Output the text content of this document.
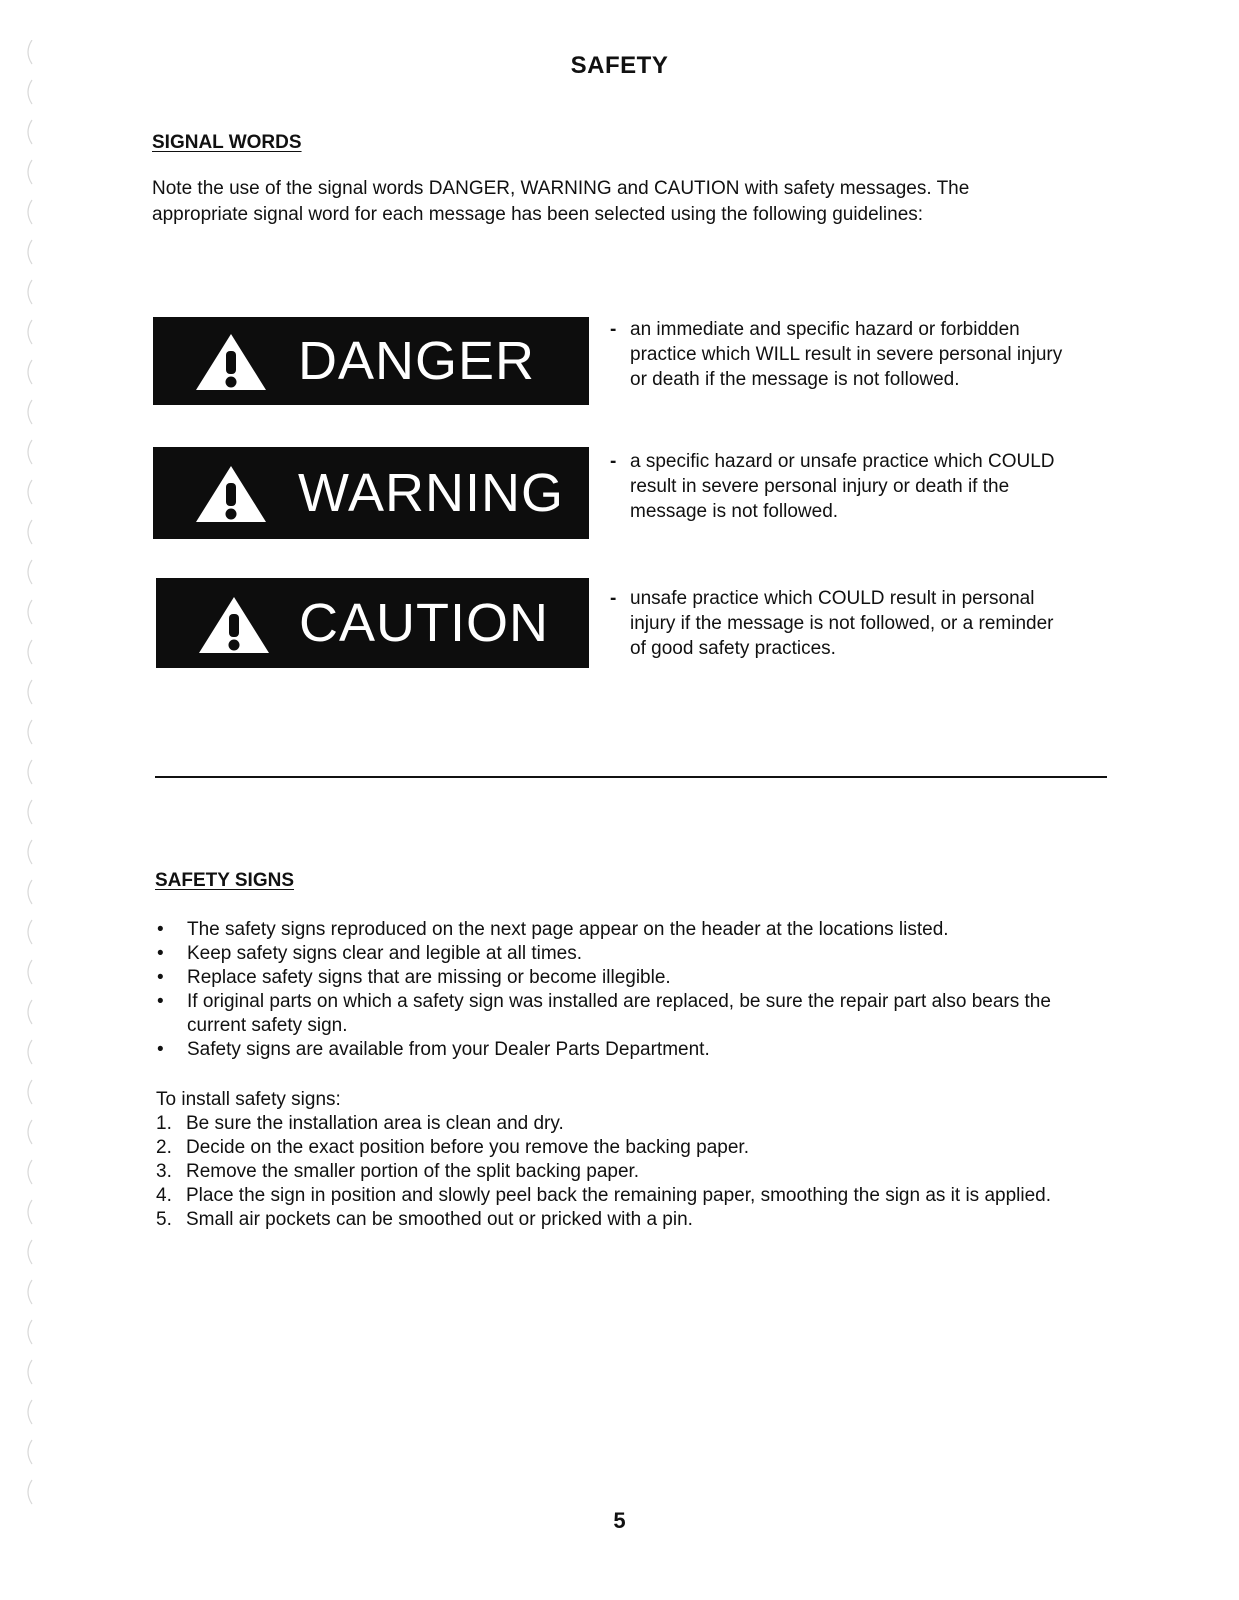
SAFETY
SIGNAL WORDS
Note the use of the signal words DANGER, WARNING and CAUTION with safety messages. The appropriate signal word for each message has been selected using the following guidelines:
DANGER
- an immediate and specific hazard or forbidden practice which WILL result in severe personal injury or death if the message is not followed.
WARNING
- a specific hazard or unsafe practice which COULD result in severe personal injury or death if the message is not followed.
CAUTION	- unsafe practice which COULD result in personal injury if the message is not followed, or a reminder of good safety practices.
SAFETY SIGNS
• The safety signs reproduced on the next page appear on the header at the locations listed.
• Keep safety signs clear and legible at all times.
• Replace safety signs that are missing or become illegible.
• If original parts on which a safety sign was installed are replaced, be sure the repair part also bears the current safety sign.
• Safety signs are available from your Dealer Parts Department.
To install safety signs:
1. Be sure the installation area is clean and dry.
2. Decide on the exact position before you remove the backing paper.
3. Remove the smaller portion of the split backing paper.
4. Place the sign in position and slowly peel back the remaining paper, smoothing the sign as it is applied.
5. Small air pockets can be smoothed out or pricked with a pin.
5
